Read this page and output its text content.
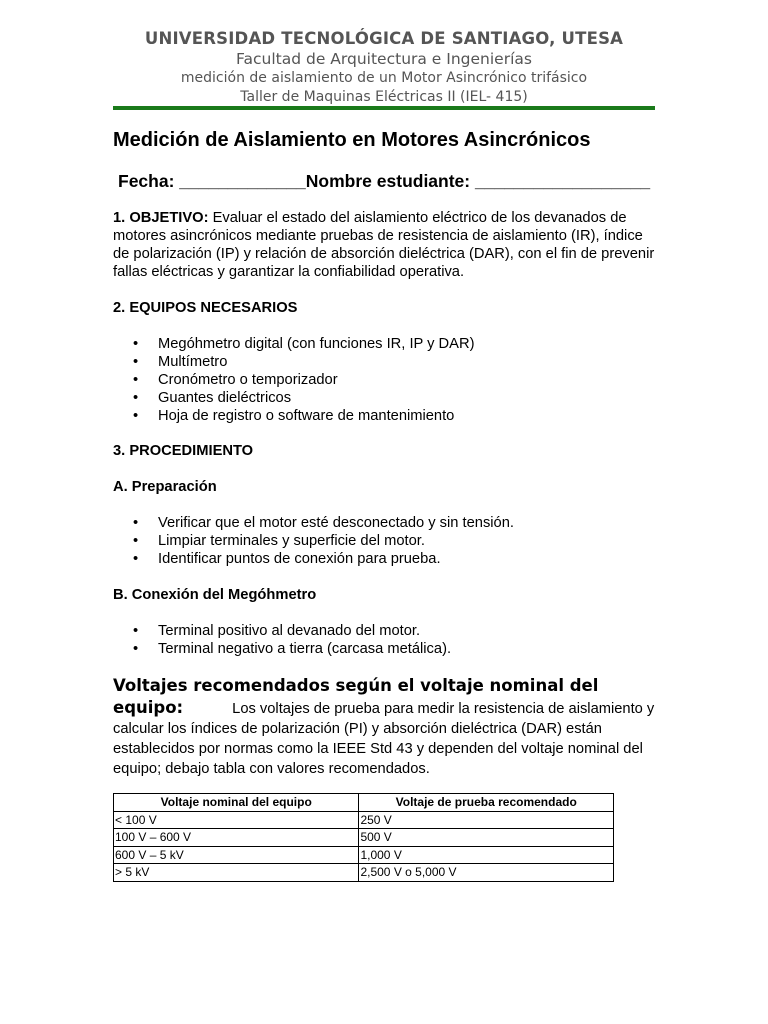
UNIVERSIDAD TECNOLÓGICA DE SANTIAGO, UTESA
Facultad de Arquitectura e Ingenierías
medición de aislamiento de un Motor Asincrónico trifásico
Taller de Maquinas Eléctricas II (IEL- 415)
Medición de Aislamiento en Motores Asincrónicos
Fecha: _____________Nombre estudiante: __________________
1. OBJETIVO: Evaluar el estado del aislamiento eléctrico de los devanados de motores asincrónicos mediante pruebas de resistencia de aislamiento (IR), índice de polarización (IP) y relación de absorción dieléctrica (DAR), con el fin de prevenir fallas eléctricas y garantizar la confiabilidad operativa.
2. EQUIPOS NECESARIOS
• Megóhmetro digital (con funciones IR, IP y DAR)
• Multímetro
• Cronómetro o temporizador
• Guantes dieléctricos
• Hoja de registro o software de mantenimiento
3. PROCEDIMIENTO
A. Preparación
• Verificar que el motor esté desconectado y sin tensión.
• Limpiar terminales y superficie del motor.
• Identificar puntos de conexión para prueba.
B. Conexión del Megóhmetro
• Terminal positivo al devanado del motor.
• Terminal negativo a tierra (carcasa metálica).
Voltajes recomendados según el voltaje nominal del
equipo:	Los voltajes de prueba para medir la resistencia de aislamiento y calcular los índices de polarización (PI) y absorción dieléctrica (DAR) están establecidos por normas como la IEEE Std 43 y dependen del voltaje nominal del equipo; debajo tabla con valores recomendados.
Voltaje nominal del equipo	Voltaje de prueba recomendado
< 100 V	250 V
100 V – 600 V	500 V
600 V – 5 kV	1,000 V
> 5 kV	2,500 V o 5,000 V
